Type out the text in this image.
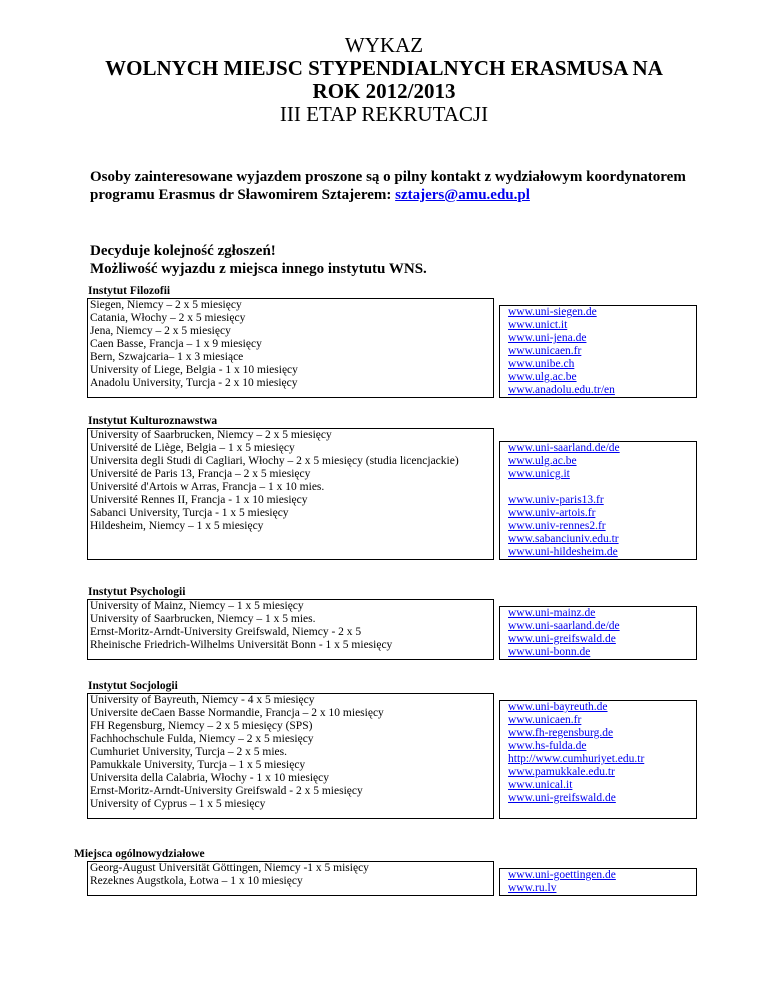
WYKAZ
WOLNYCH MIEJSC STYPENDIALNYCH ERASMUSA NA
ROK 2012/2013
III ETAP REKRUTACJI
Osoby zainteresowane wyjazdem proszone są o pilny kontakt z wydziałowym koordynatorem programu Erasmus dr Sławomirem Sztajerem: sztajers@amu.edu.pl
Decyduje kolejność zgłoszeń!
Możliwość wyjazdu z miejsca innego instytutu WNS.
Instytut Filozofii
Siegen, Niemcy – 2 x 5 miesięcy
Catania, Włochy – 2 x 5 miesięcy
Jena, Niemcy – 2 x 5 miesięcy
Caen Basse, Francja – 1 x 9 miesięcy
Bern, Szwajcaria– 1 x 3 miesiące
University of Liege, Belgia - 1 x 10 miesięcy
Anadolu University, Turcja - 2 x 10 miesięcy
www.uni-siegen.de
www.unict.it
www.uni-jena.de
www.unicaen.fr
www.unibe.ch
www.ulg.ac.be
www.anadolu.edu.tr/en
Instytut Kulturoznawstwa
University of Saarbrucken, Niemcy – 2 x 5 miesięcy
Université de Liège, Belgia – 1 x 5 miesięcy
Universita degli Studi di Cagliari, Włochy – 2 x 5 miesięcy (studia licencjackie)
Université de Paris 13, Francja – 2 x 5 miesięcy
Université d'Artois w Arras, Francja – 1 x 10 mies.
Université Rennes II, Francja - 1 x 10 miesięcy
Sabanci University, Turcja - 1 x 5 miesięcy
Hildesheim, Niemcy – 1 x 5 miesięcy
www.uni-saarland.de/de
www.ulg.ac.be
www.unicg.it
www.univ-paris13.fr
www.univ-artois.fr
www.univ-rennes2.fr
www.sabanciuniv.edu.tr
www.uni-hildesheim.de
Instytut Psychologii
University of Mainz, Niemcy – 1 x 5 miesięcy
University of Saarbrucken, Niemcy – 1 x 5 mies.
Ernst-Moritz-Arndt-University Greifswald, Niemcy - 2 x 5
Rheinische Friedrich-Wilhelms Universität Bonn - 1 x 5 miesięcy
www.uni-mainz.de
www.uni-saarland.de/de
www.uni-greifswald.de
www.uni-bonn.de
Instytut Socjologii
University of Bayreuth, Niemcy - 4 x 5 miesięcy
Universite deCaen Basse Normandie, Francja – 2 x 10 miesięcy
FH Regensburg, Niemcy – 2 x 5 miesięcy (SPS)
Fachhochschule Fulda, Niemcy – 2 x 5 miesięcy
Cumhuriet University, Turcja – 2 x 5 mies.
Pamukkale University, Turcja – 1 x 5 miesięcy
Universita della Calabria, Włochy - 1 x 10 miesięcy
Ernst-Moritz-Arndt-University Greifswald - 2 x 5 miesięcy
University of Cyprus – 1 x 5 miesięcy
www.uni-bayreuth.de
www.unicaen.fr
www.fh-regensburg.de
www.hs-fulda.de
http://www.cumhuriyet.edu.tr
www.pamukkale.edu.tr
www.unical.it
www.uni-greifswald.de
Miejsca ogólnowydziałowe
Georg-August Universität Göttingen, Niemcy -1 x 5 misięcy
Rezeknes Augstkola, Łotwa – 1 x 10 miesięcy	www.uni-goettingen.de
www.ru.lv
